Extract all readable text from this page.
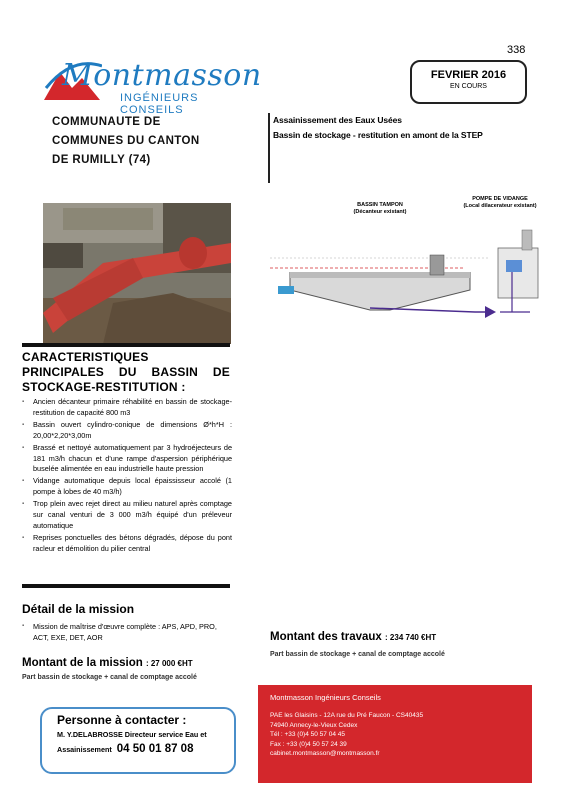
338
Montmasson
INGÉNIEURS CONSEILS
FEVRIER 2016
EN COURS
COMMUNAUTE DE
COMMUNES DU CANTON
DE RUMILLY (74)
Assainissement des Eaux Usées
Bassin de stockage - restitution en amont de la STEP
BASSIN TAMPON
(Décanteur existant)
POMPE DE VIDANGE
(Local dilacerateur existant)
CARACTERISTIQUES PRINCIPALES DU BASSIN DE STOCKAGE-RESTITUTION :
▪ Ancien décanteur primaire réhabilité en bassin de stockage-restitution de capacité 800 m3
▪ Bassin ouvert cylindro-conique de dimensions Ø*h*H : 20,00*2,20*3,00m
▪ Brassé et nettoyé automatiquement par 3 hydroéjecteurs de 181 m3/h chacun et d'une rampe d'aspersion périphérique buselée alimentée en eau industrielle haute pression
▪ Vidange automatique depuis local épaississeur accolé (1 pompe à lobes de 40 m3/h)
▪ Trop plein avec rejet direct au milieu naturel après comptage sur canal venturi de 3 000 m3/h équipé d'un préleveur automatique
▪ Reprises ponctuelles des bétons dégradés, dépose du pont racleur et démolition du pilier central
Détail de la mission
▪ Mission de maîtrise d'œuvre complète : APS, APD, PRO, ACT, EXE, DET, AOR
Montant de la mission : 27 000 €HT
Part bassin de stockage + canal de comptage accolé
Montant des travaux : 234 740 €HT
Part bassin de stockage + canal de comptage accolé
Personne à contacter :
M. Y.DELABROSSE Directeur service Eau et
Assainissement 04 50 01 87 08
Montmasson Ingénieurs Conseils
PAE les Glaisins - 12A rue du Pré Faucon - CS40435
74940 Annecy-le-Vieux Cedex
Tél : +33 (0)4 50 57 04 45
Fax : +33 (0)4 50 57 24 39
cabinet.montmasson@montmasson.fr
